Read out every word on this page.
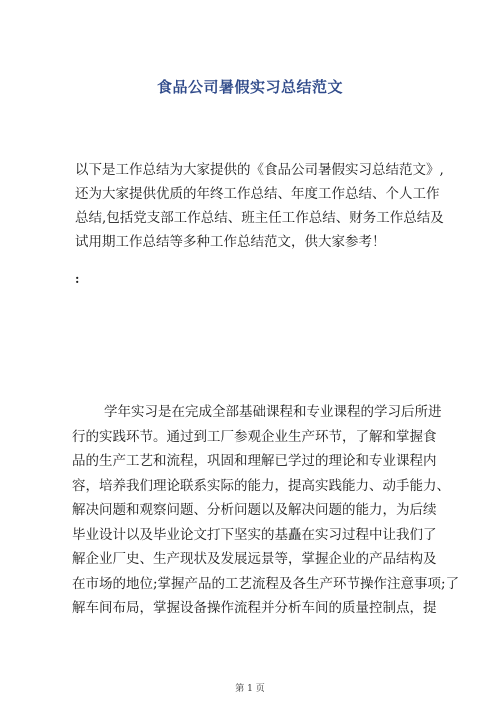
食品公司暑假实习总结范文
以下是工作总结为大家提供的《食品公司暑假实习总结范文》,
还为大家提供优质的年终工作总结、年度工作总结、个人工作
总结,包括党支部工作总结、班主任工作总结、财务工作总结及
试用期工作总结等多种工作总结范文，供大家参考！
:
学年实习是在完成全部基础课程和专业课程的学习后所进
行的实践环节。通过到工厂参观企业生产环节，了解和掌握食
品的生产工艺和流程，巩固和理解已学过的理论和专业课程内
容，培养我们理论联系实际的能力，提高实践能力、动手能力、
解决问题和观察问题、分析问题以及解决问题的能力，为后续
毕业设计以及毕业论文打下坚实的基矗在实习过程中让我们了
解企业厂史、生产现状及发展远景等，掌握企业的产品结构及
在市场的地位;掌握产品的工艺流程及各生产环节操作注意事项;了
解车间布局，掌握设备操作流程并分析车间的质量控制点，提
第 1 页
